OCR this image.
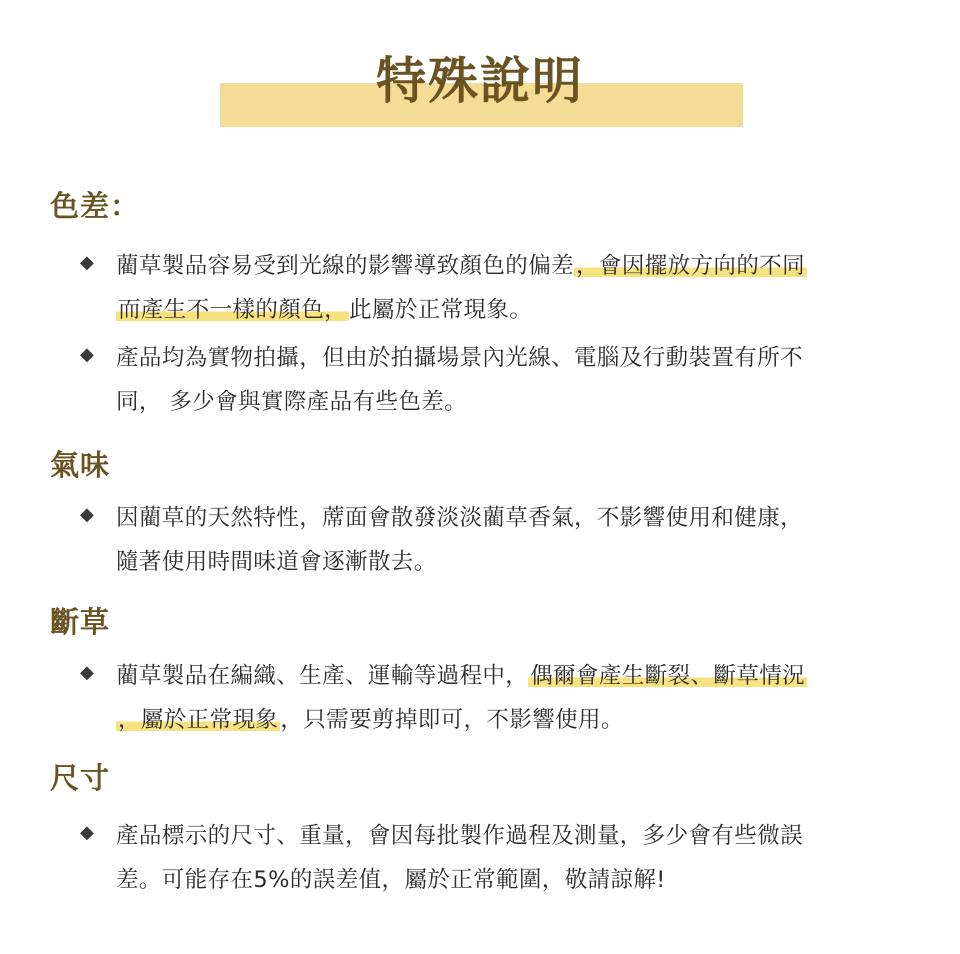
特殊說明
色差：
◆ 藺草製品容易受到光線的影響導致顏色的偏差，會因擺放方向的不同
而產生不一樣的顏色，此屬於正常現象。
◆ 產品均為實物拍攝，但由於拍攝場景內光線、電腦及行動裝置有所不
同， 多少會與實際產品有些色差。
氣味
◆ 因藺草的天然特性，蓆面會散發淡淡藺草香氣，不影響使用和健康，
隨著使用時間味道會逐漸散去。
斷草
◆ 藺草製品在編織、生產、運輸等過程中，偶爾會產生斷裂、斷草情況
，屬於正常現象，只需要剪掉即可，不影響使用。
尺寸
◆ 產品標示的尺寸、重量，會因每批製作過程及測量，多少會有些微誤
差。可能存在5%的誤差值，屬於正常範圍，敬請諒解!
